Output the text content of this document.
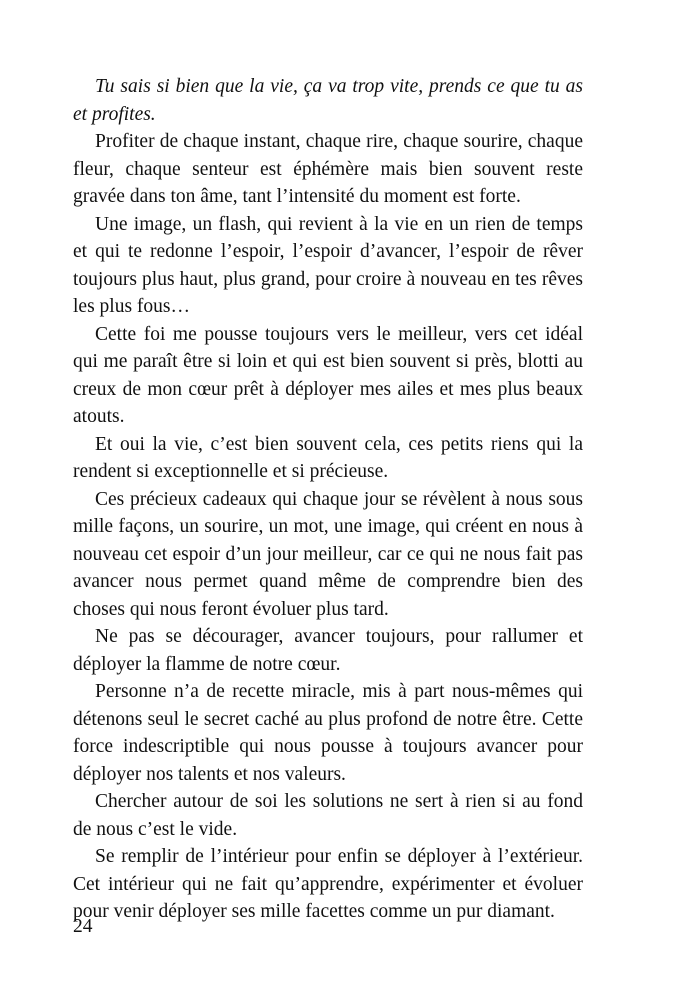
Tu sais si bien que la vie, ça va trop vite, prends ce que tu as et profites.

Profiter de chaque instant, chaque rire, chaque sourire, chaque fleur, chaque senteur est éphémère mais bien souvent reste gravée dans ton âme, tant l’intensité du moment est forte.

Une image, un flash, qui revient à la vie en un rien de temps et qui te redonne l’espoir, l’espoir d’avancer, l’espoir de rêver toujours plus haut, plus grand, pour croire à nouveau en tes rêves les plus fous…

Cette foi me pousse toujours vers le meilleur, vers cet idéal qui me paraît être si loin et qui est bien souvent si près, blotti au creux de mon cœur prêt à déployer mes ailes et mes plus beaux atouts.

Et oui la vie, c’est bien souvent cela, ces petits riens qui la rendent si exceptionnelle et si précieuse.

Ces précieux cadeaux qui chaque jour se révèlent à nous sous mille façons, un sourire, un mot, une image, qui créent en nous à nouveau cet espoir d’un jour meilleur, car ce qui ne nous fait pas avancer nous permet quand même de comprendre bien des choses qui nous feront évoluer plus tard.

Ne pas se décourager, avancer toujours, pour rallumer et déployer la flamme de notre cœur.

Personne n’a de recette miracle, mis à part nous-mêmes qui détenons seul le secret caché au plus profond de notre être. Cette force indescriptible qui nous pousse à toujours avancer pour déployer nos talents et nos valeurs.

Chercher autour de soi les solutions ne sert à rien si au fond de nous c’est le vide.

Se remplir de l’intérieur pour enfin se déployer à l’extérieur. Cet intérieur qui ne fait qu’apprendre, expérimenter et évoluer pour venir déployer ses mille facettes comme un pur diamant.

24
